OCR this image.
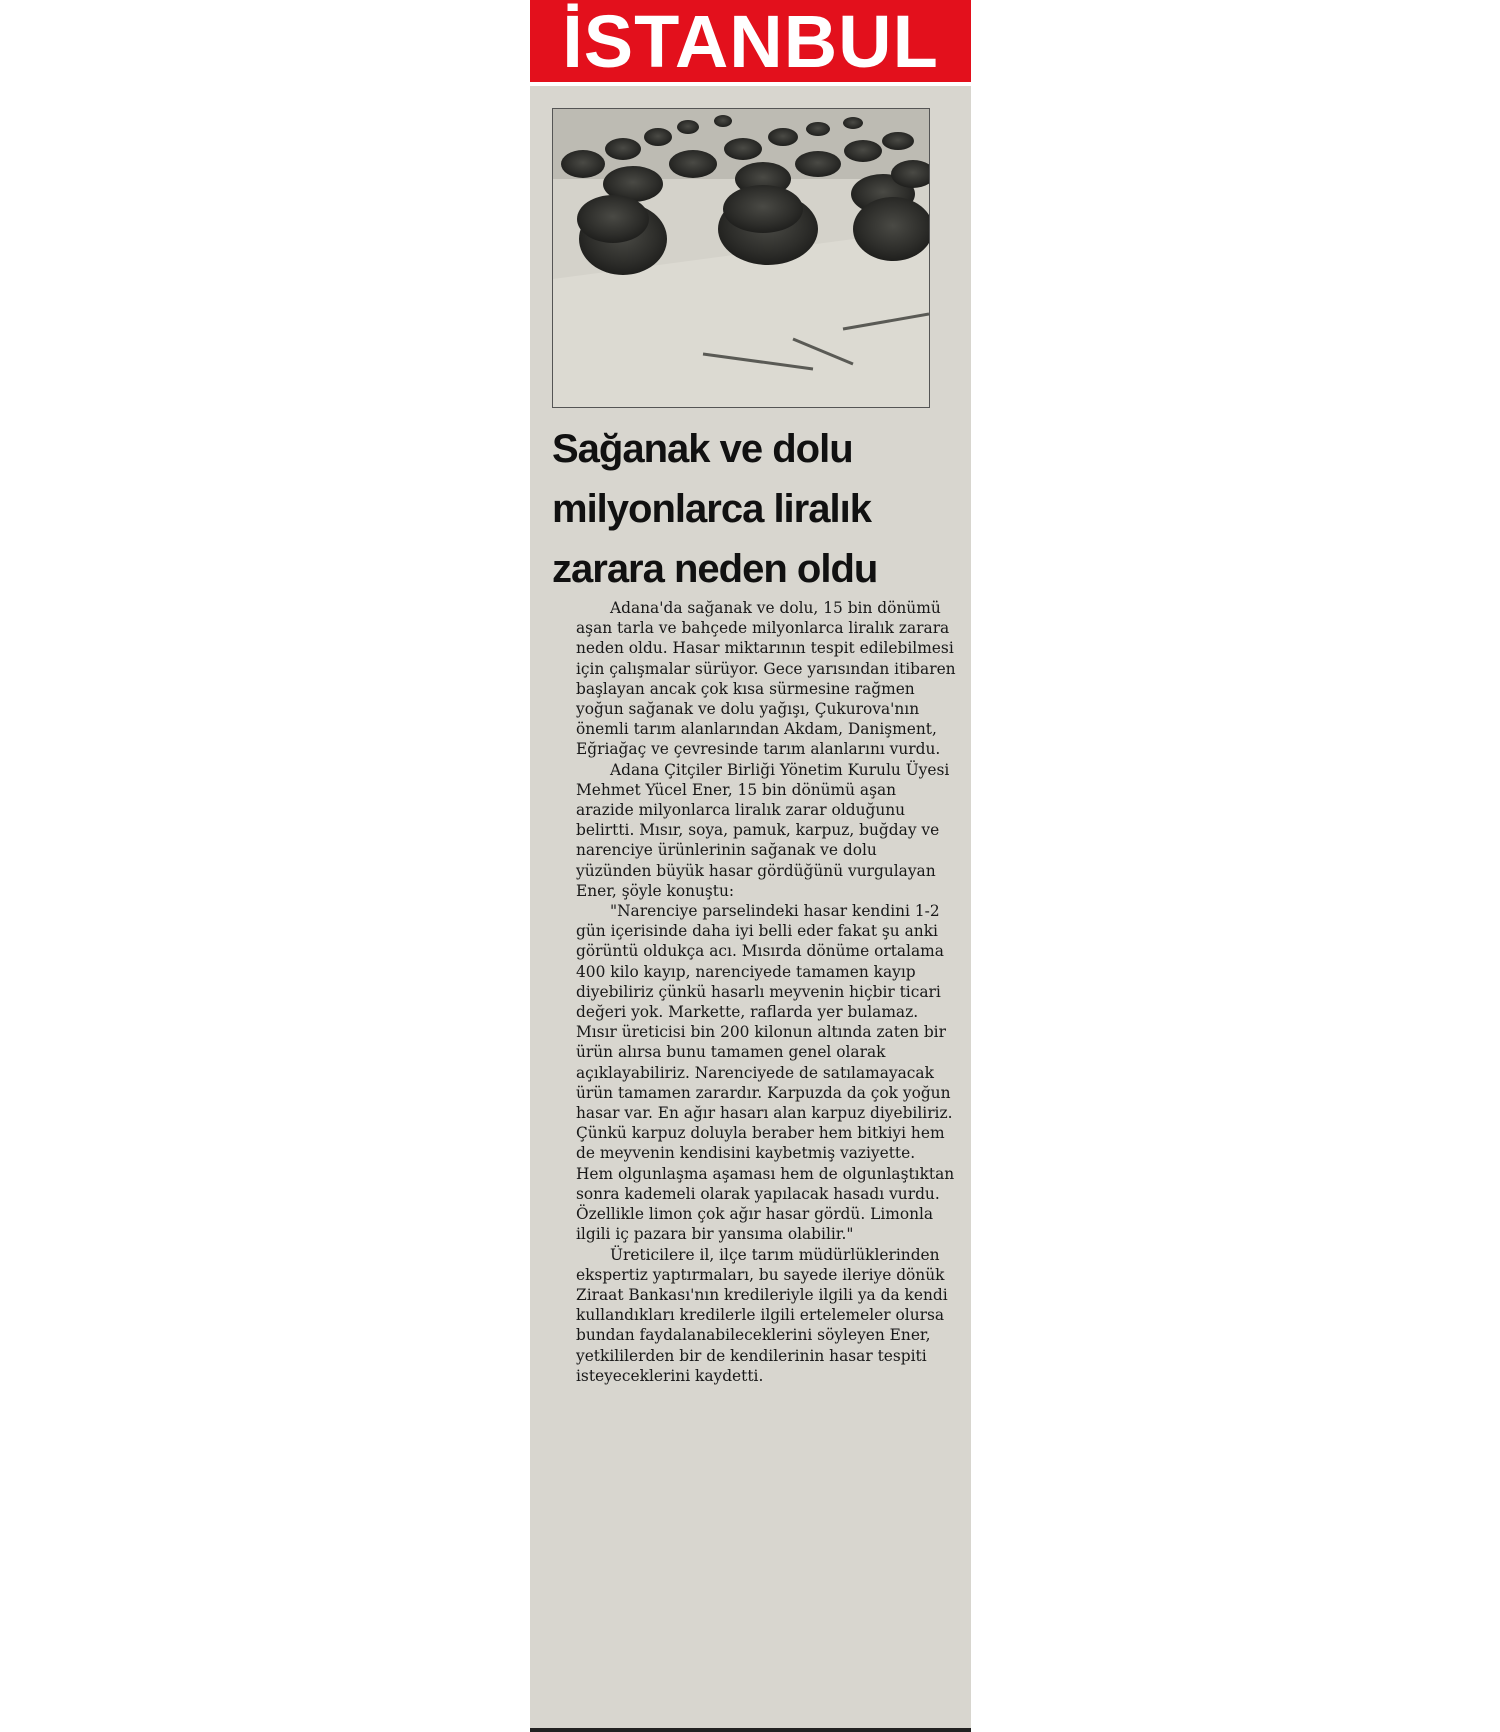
İSTANBUL
Sağanak ve dolu
milyonlarca liralık
zarara neden oldu

Adana'da sağanak ve dolu, 15 bin dönümü aşan tarla ve bahçede milyonlarca liralık zarara neden oldu. Hasar miktarının tespit edilebilmesi için çalışmalar sürüyor. Gece yarısından itibaren başlayan ancak çok kısa sürmesine rağmen yoğun sağanak ve dolu yağışı, Çukurova'nın önemli tarım alanlarından Akdam, Danişment, Eğriağaç ve çevresinde tarım alanlarını vurdu.

Adana Çitçiler Birliği Yönetim Kurulu Üyesi Mehmet Yücel Ener, 15 bin dönümü aşan arazide milyonlarca liralık zarar olduğunu belirtti. Mısır, soya, pamuk, karpuz, buğday ve narenciye ürünlerinin sağanak ve dolu yüzünden büyük hasar gördüğünü vurgulayan Ener, şöyle konuştu:

"Narenciye parselindeki hasar kendini 1-2 gün içerisinde daha iyi belli eder fakat şu anki görüntü oldukça acı. Mısırda dönüme ortalama 400 kilo kayıp, narenciyede tamamen kayıp diyebiliriz çünkü hasarlı meyvenin hiçbir ticari değeri yok. Markette, raflarda yer bulamaz. Mısır üreticisi bin 200 kilonun altında zaten bir ürün alırsa bunu tamamen genel olarak açıklayabiliriz. Narenciyede de satılamayacak ürün tamamen zarardır. Karpuzda da çok yoğun hasar var. En ağır hasarı alan karpuz diyebiliriz. Çünkü karpuz doluyla beraber hem bitkiyi hem de meyvenin kendisini kaybetmiş vaziyette. Hem olgunlaşma aşaması hem de olgunlaştıktan sonra kademeli olarak yapılacak hasadı vurdu. Özellikle limon çok ağır hasar gördü. Limonla ilgili iç pazara bir yansıma olabilir."

Üreticilere il, ilçe tarım müdürlüklerinden ekspertiz yaptırmaları, bu sayede ileriye dönük Ziraat Bankası'nın kredileriyle ilgili ya da kendi kullandıkları kredilerle ilgili ertelemeler olursa bundan faydalanabileceklerini söyleyen Ener, yetkililerden bir de kendilerinin hasar tespiti isteyeceklerini kaydetti.
